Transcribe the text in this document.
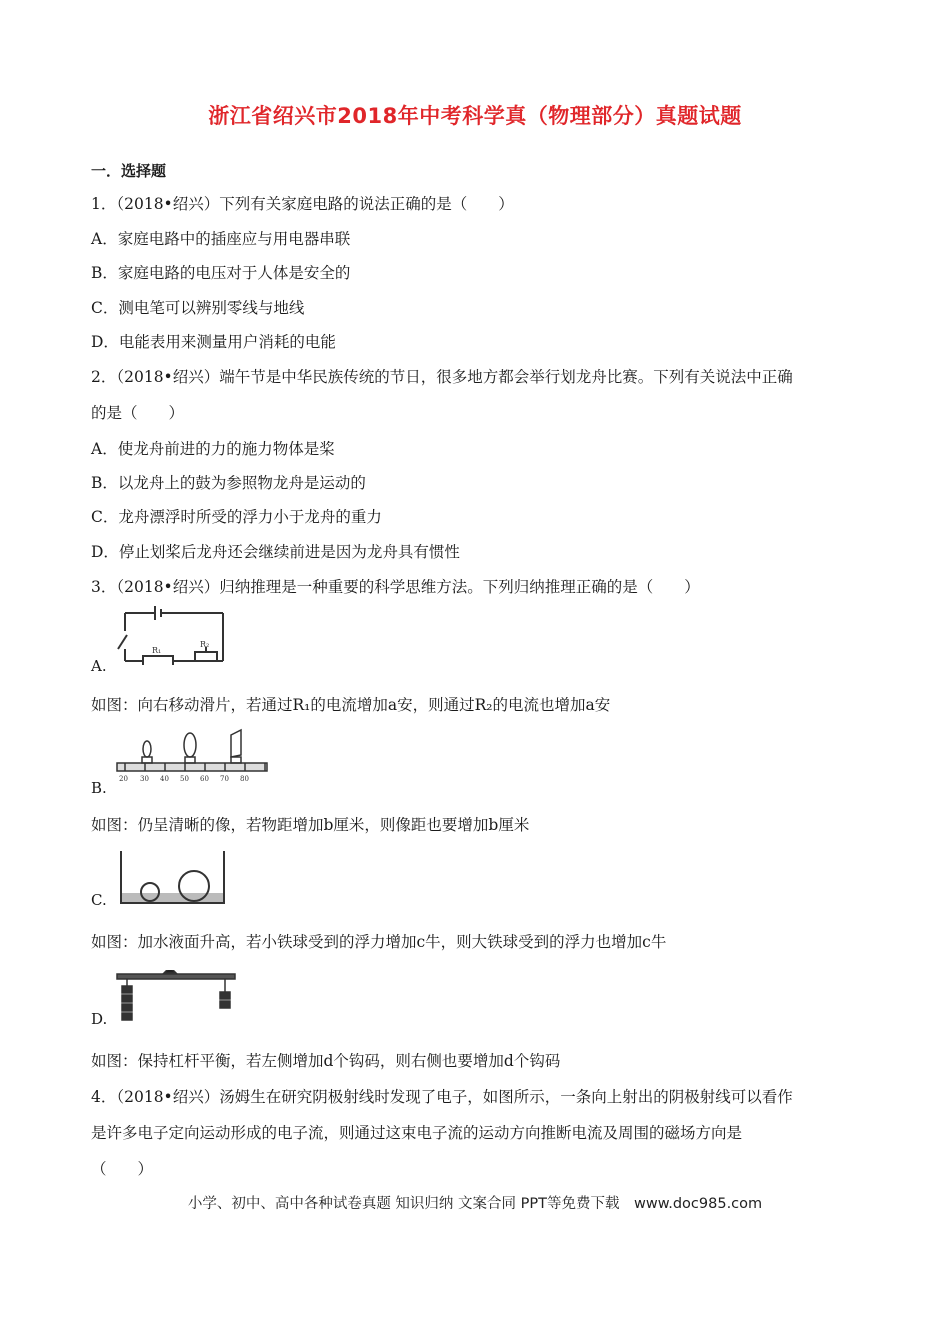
浙江省绍兴市2018年中考科学真（物理部分）真题试题
一．选择题
1．（2018•绍兴）下列有关家庭电路的说法正确的是（　　）
A．家庭电路中的插座应与用电器串联
B．家庭电路的电压对于人体是安全的
C．测电笔可以辨别零线与地线
D．电能表用来测量用户消耗的电能
2．（2018•绍兴）端午节是中华民族传统的节日，很多地方都会举行划龙舟比赛。下列有关说法中正确
的是（　　）
A．使龙舟前进的力的施力物体是桨
B．以龙舟上的鼓为参照物龙舟是运动的
C．龙舟漂浮时所受的浮力小于龙舟的重力
D．停止划桨后龙舟还会继续前进是因为龙舟具有惯性
3．（2018•绍兴）归纳推理是一种重要的科学思维方法。下列归纳推理正确的是（　　）
R₁
R₂
A.
如图：向右移动滑片，若通过R₁的电流增加a安，则通过R₂的电流也增加a安
20 30 40 50 60 70 80
B.
如图：仍呈清晰的像，若物距增加b厘米，则像距也要增加b厘米
C.
如图：加水液面升高，若小铁球受到的浮力增加c牛，则大铁球受到的浮力也增加c牛
D.
如图：保持杠杆平衡，若左侧增加d个钩码，则右侧也要增加d个钩码
4．（2018•绍兴）汤姆生在研究阴极射线时发现了电子，如图所示，一条向上射出的阴极射线可以看作
是许多电子定向运动形成的电子流，则通过这束电子流的运动方向推断电流及周围的磁场方向是
（　　）
小学、初中、高中各种试卷真题 知识归纳 文案合同 PPT等免费下载　www.doc985.com
